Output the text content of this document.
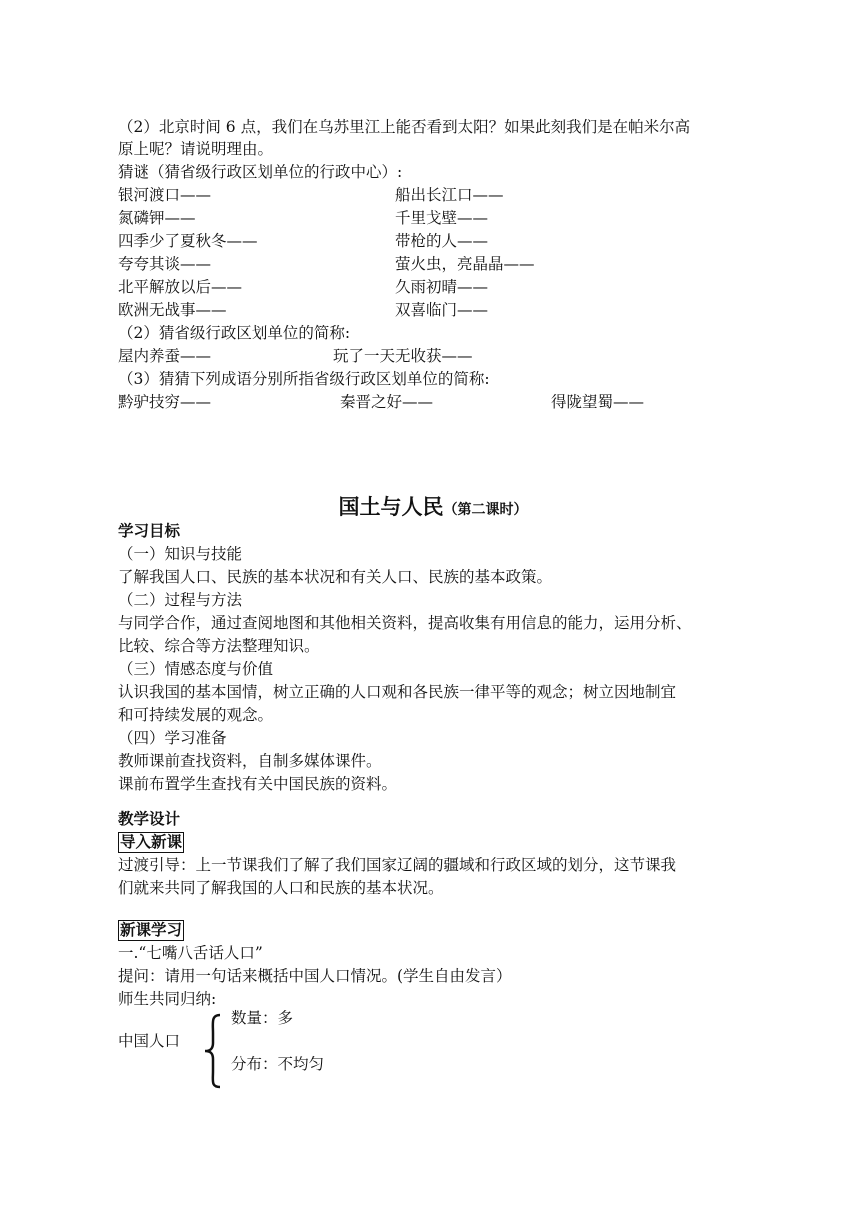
（2）北京时间 6 点，我们在乌苏里江上能否看到太阳？如果此刻我们是在帕米尔高
原上呢？请说明理由。
猜谜（猜省级行政区划单位的行政中心）:
银河渡口——	船出长江口——
氮磷钾——	千里戈壁——
四季少了夏秋冬——	带枪的人——
夸夸其谈——	萤火虫，亮晶晶——
北平解放以后——	久雨初晴——
欧洲无战事——	双喜临门——
（2）猜省级行政区划单位的简称:
屋内养蚕——	玩了一天无收获——
（3）猜猜下列成语分别所指省级行政区划单位的简称:
黔驴技穷——	秦晋之好——	得陇望蜀——
国土与人民（第二课时）
学习目标
（一）知识与技能
了解我国人口、民族的基本状况和有关人口、民族的基本政策。
（二）过程与方法
与同学合作，通过查阅地图和其他相关资料，提高收集有用信息的能力，运用分析、
比较、综合等方法整理知识。
（三）情感态度与价值
认识我国的基本国情，树立正确的人口观和各民族一律平等的观念；树立因地制宜
和可持续发展的观念。
（四）学习准备
教师课前查找资料，自制多媒体课件。
课前布置学生查找有关中国民族的资料。
教学设计
导入新课
过渡引导：上一节课我们了解了我们国家辽阔的疆域和行政区域的划分，这节课我
们就来共同了解我国的人口和民族的基本状况。
新课学习
一.“七嘴八舌话人口”
提问：请用一句话来概括中国人口情况。(学生自由发言）
师生共同归纳:
中国人口
数量：多
分布：不均匀
